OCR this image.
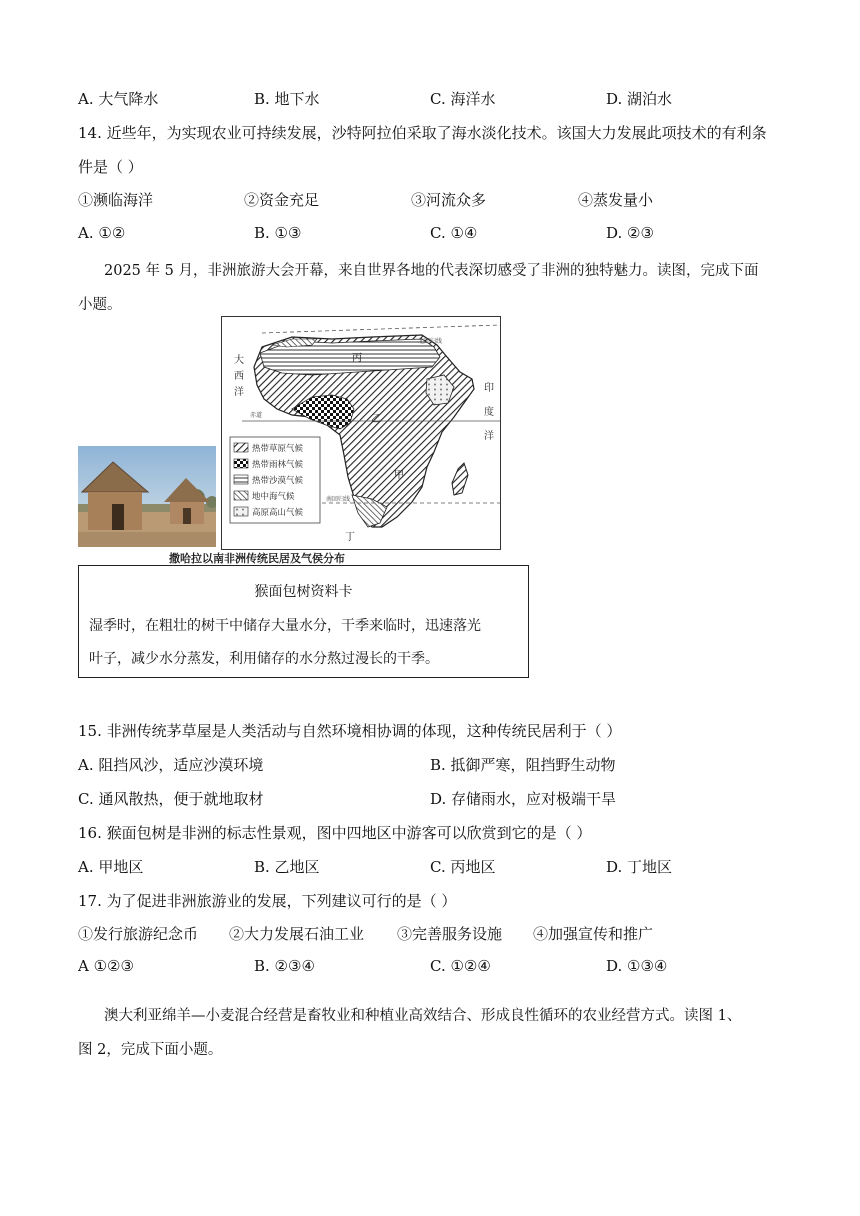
A. 大气降水	B. 地下水	C. 海洋水	D. 湖泊水
14. 近些年，为实现农业可持续发展，沙特阿拉伯采取了海水淡化技术。该国大力发展此项技术的有利条
件是（ ）
①濒临海洋	②资金充足	③河流众多	④蒸发量小
A. ①②	B. ①③	C. ①④	D. ②③
2025 年 5 月，非洲旅游大会开幕，来自世界各地的代表深切感受了非洲的独特魅力。读图，完成下面
小题。
北回归线
赤道
南回归线
丙
乙
甲
丁
大
西
洋	印
度
洋
热带草原气候
热带雨林气候
热带沙漠气候
地中海气候
高原高山气候
撒哈拉以南非洲传统民居及气侯分布
猴面包树资料卡
湿季时，在粗壮的树干中储存大量水分，干季来临时，迅速落光
叶子，减少水分蒸发，利用储存的水分熬过漫长的干季。
15. 非洲传统茅草屋是人类活动与自然环境相协调的体现，这种传统民居利于（ ）
A. 阻挡风沙，适应沙漠环境	B. 抵御严寒，阻挡野生动物
C. 通风散热，便于就地取材	D. 存储雨水，应对极端干旱
16. 猴面包树是非洲的标志性景观，图中四地区中游客可以欣赏到它的是（ ）
A. 甲地区	B. 乙地区	C. 丙地区	D. 丁地区
17. 为了促进非洲旅游业的发展，下列建议可行的是（ ）
①发行旅游纪念币 ②大力发展石油工业 ③完善服务设施 ④加强宣传和推广
A ①②③	B. ②③④	C. ①②④	D. ①③④
澳大利亚绵羊—小麦混合经营是畜牧业和种植业高效结合、形成良性循环的农业经营方式。读图 1、
图 2，完成下面小题。
